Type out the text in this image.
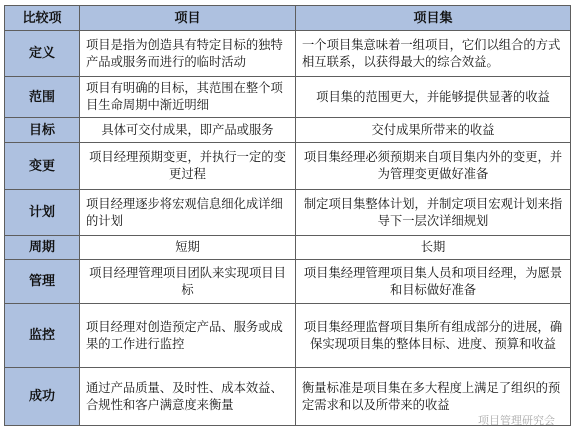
比较项	项目	项目集
定义	项目是指为创造具有特定目标的独特产品或服务而进行的临时活动	一个项目集意味着一组项目，它们以组合的方式相互联系，以获得最大的综合效益。
范围	项目有明确的目标，其范围在整个项目生命周期中渐近明细	项目集的范围更大，并能够提供显著的收益
目标	具体可交付成果，即产品或服务	交付成果所带来的收益
变更	项目经理预期变更，并执行一定的变更过程	项目集经理必须预期来自项目集内外的变更，并为管理变更做好准备
计划	项目经理逐步将宏观信息细化成详细的计划	制定项目集整体计划，并制定项目宏观计划来指导下一层次详细规划
周期	短期	长期
管理	项目经理管理项目团队来实现项目目标	项目集经理管理项目集人员和项目经理，为愿景和目标做好准备
监控	项目经理对创造预定产品、服务或成果的工作进行监控	项目集经理监督项目集所有组成部分的进展，确保实现项目集的整体目标、进度、预算和收益
成功	通过产品质量、及时性、成本效益、合规性和客户满意度来衡量	衡量标准是项目集在多大程度上满足了组织的预定需求和以及所带来的收益
项目管理研究会
